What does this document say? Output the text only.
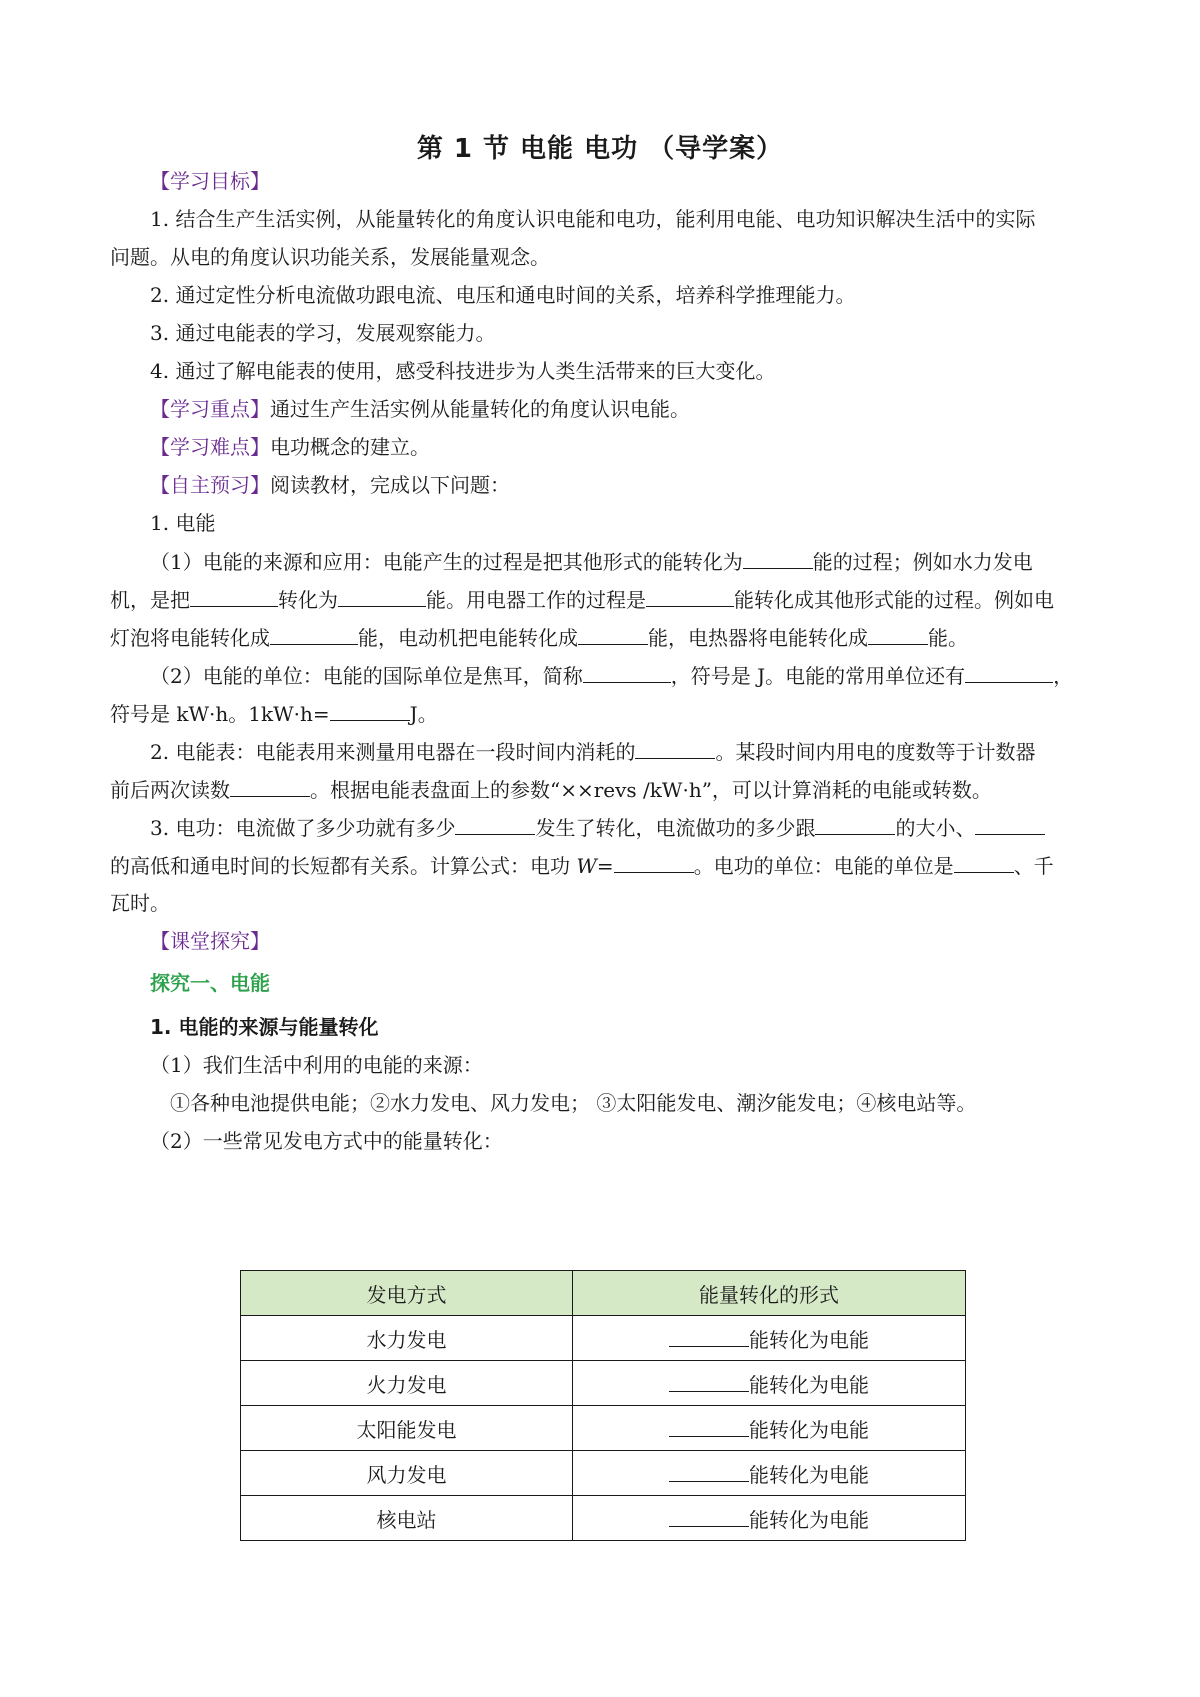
第 1 节 电能 电功 （导学案）
【学习目标】
1. 结合生产生活实例，从能量转化的角度认识电能和电功，能利用电能、电功知识解决生活中的实际
问题。从电的角度认识功能关系，发展能量观念。
2. 通过定性分析电流做功跟电流、电压和通电时间的关系，培养科学推理能力。
3. 通过电能表的学习，发展观察能力。
4. 通过了解电能表的使用，感受科技进步为人类生活带来的巨大变化。
【学习重点】通过生产生活实例从能量转化的角度认识电能。
【学习难点】电功概念的建立。
【自主预习】阅读教材，完成以下问题：
1. 电能
（1）电能的来源和应用：电能产生的过程是把其他形式的能转化为	能的过程；例如水力发电
机，是把	转化为	能。用电器工作的过程是	能转化成其他形式能的过程。例如电
灯泡将电能转化成	能，电动机把电能转化成	能，电热器将电能转化成	能。
（2）电能的单位：电能的国际单位是焦耳，简称	，符号是 J。电能的常用单位还有	，
符号是 kW·h。1kW·h=	J。
2. 电能表：电能表用来测量用电器在一段时间内消耗的	。某段时间内用电的度数等于计数器
前后两次读数	。根据电能表盘面上的参数“××revs /kW·h”，可以计算消耗的电能或转数。
3. 电功：电流做了多少功就有多少	发生了转化，电流做功的多少跟	的大小、
的高低和通电时间的长短都有关系。计算公式：电功 W=	。电功的单位：电能的单位是	、千
瓦时。
【课堂探究】
探究一、电能
1. 电能的来源与能量转化
（1）我们生活中利用的电能的来源：
①各种电池提供电能；②水力发电、风力发电； ③太阳能发电、潮汐能发电；④核电站等。
（2）一些常见发电方式中的能量转化：
发电方式	能量转化的形式
水力发电	能转化为电能
火力发电	能转化为电能
太阳能发电	能转化为电能
风力发电	能转化为电能
核电站	能转化为电能
